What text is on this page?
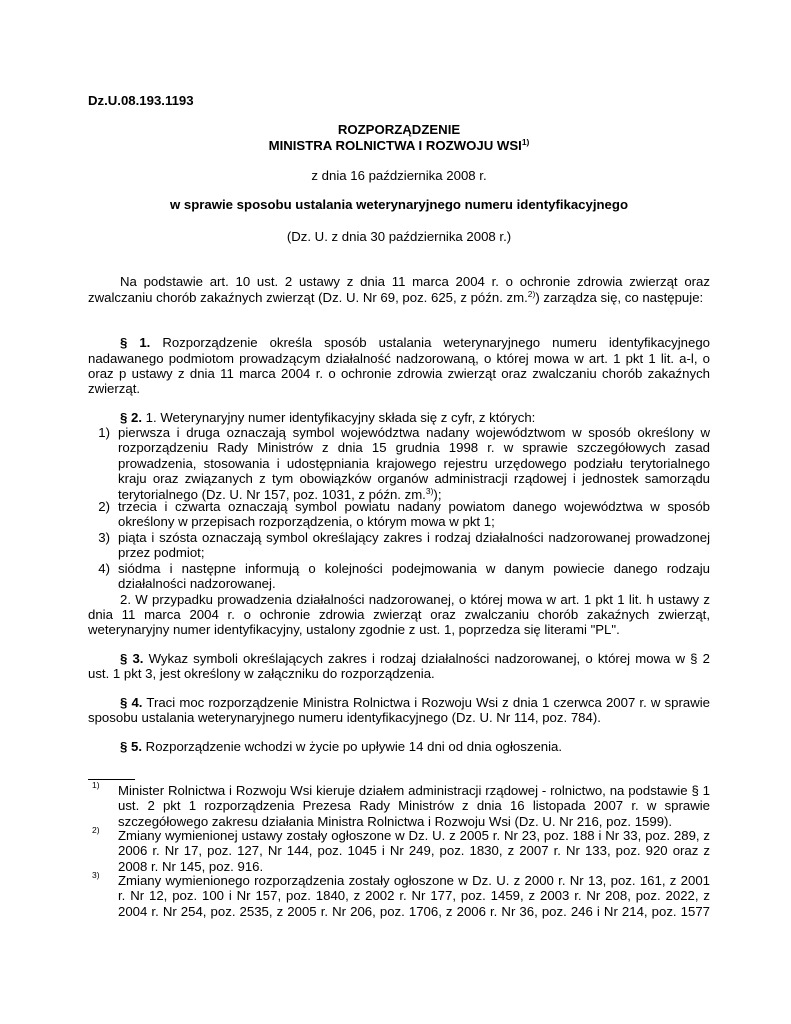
Dz.U.08.193.1193
ROZPORZĄDZENIE
MINISTRA ROLNICTWA I ROZWOJU WSI$^{1)}$
z dnia 16 października 2008 r.
w sprawie sposobu ustalania weterynaryjnego numeru identyfikacyjnego
(Dz. U. z dnia 30 października 2008 r.)
Na podstawie art. 10 ust. 2 ustawy z dnia 11 marca 2004 r. o ochronie zdrowia zwierząt oraz
zwalczaniu chorób zakaźnych zwierząt (Dz. U. Nr 69, poz. 625, z późn. zm.$^{2)}$) zarządza się, co następuje:
§ 1. Rozporządzenie określa sposób ustalania weterynaryjnego numeru identyfikacyjnego
nadawanego podmiotom prowadzącym działalność nadzorowaną, o której mowa w art. 1 pkt 1 lit. a-l, o
oraz p ustawy z dnia 11 marca 2004 r. o ochronie zdrowia zwierząt oraz zwalczaniu chorób zakaźnych
zwierząt.
§ 2. 1. Weterynaryjny numer identyfikacyjny składa się z cyfr, z których:
1) pierwsza i druga oznaczają symbol województwa nadany województwom w sposób określony w
rozporządzeniu Rady Ministrów z dnia 15 grudnia 1998 r. w sprawie szczegółowych zasad
prowadzenia, stosowania i udostępniania krajowego rejestru urzędowego podziału terytorialnego
kraju oraz związanych z tym obowiązków organów administracji rządowej i jednostek samorządu
terytorialnego (Dz. U. Nr 157, poz. 1031, z późn. zm.$^{3)}$);
2) trzecia i czwarta oznaczają symbol powiatu nadany powiatom danego województwa w sposób
określony w przepisach rozporządzenia, o którym mowa w pkt 1;
3) piąta i szósta oznaczają symbol określający zakres i rodzaj działalności nadzorowanej prowadzonej
przez podmiot;
4) siódma i następne informują o kolejności podejmowania w danym powiecie danego rodzaju
działalności nadzorowanej.
2. W przypadku prowadzenia działalności nadzorowanej, o której mowa w art. 1 pkt 1 lit. h ustawy z
dnia 11 marca 2004 r. o ochronie zdrowia zwierząt oraz zwalczaniu chorób zakaźnych zwierząt,
weterynaryjny numer identyfikacyjny, ustalony zgodnie z ust. 1, poprzedza się literami "PL".
§ 3. Wykaz symboli określających zakres i rodzaj działalności nadzorowanej, o której mowa w § 2
ust. 1 pkt 3, jest określony w załączniku do rozporządzenia.
§ 4. Traci moc rozporządzenie Ministra Rolnictwa i Rozwoju Wsi z dnia 1 czerwca 2007 r. w sprawie
sposobu ustalania weterynaryjnego numeru identyfikacyjnego (Dz. U. Nr 114, poz. 784).
§ 5. Rozporządzenie wchodzi w życie po upływie 14 dni od dnia ogłoszenia.
1) Minister Rolnictwa i Rozwoju Wsi kieruje działem administracji rządowej - rolnictwo, na podstawie § 1
ust. 2 pkt 1 rozporządzenia Prezesa Rady Ministrów z dnia 16 listopada 2007 r. w sprawie
szczegółowego zakresu działania Ministra Rolnictwa i Rozwoju Wsi (Dz. U. Nr 216, poz. 1599).
2) Zmiany wymienionej ustawy zostały ogłoszone w Dz. U. z 2005 r. Nr 23, poz. 188 i Nr 33, poz. 289, z
2006 r. Nr 17, poz. 127, Nr 144, poz. 1045 i Nr 249, poz. 1830, z 2007 r. Nr 133, poz. 920 oraz z
2008 r. Nr 145, poz. 916.
3) Zmiany wymienionego rozporządzenia zostały ogłoszone w Dz. U. z 2000 r. Nr 13, poz. 161, z 2001
r. Nr 12, poz. 100 i Nr 157, poz. 1840, z 2002 r. Nr 177, poz. 1459, z 2003 r. Nr 208, poz. 2022, z
2004 r. Nr 254, poz. 2535, z 2005 r. Nr 206, poz. 1706, z 2006 r. Nr 36, poz. 246 i Nr 214, poz. 1577
